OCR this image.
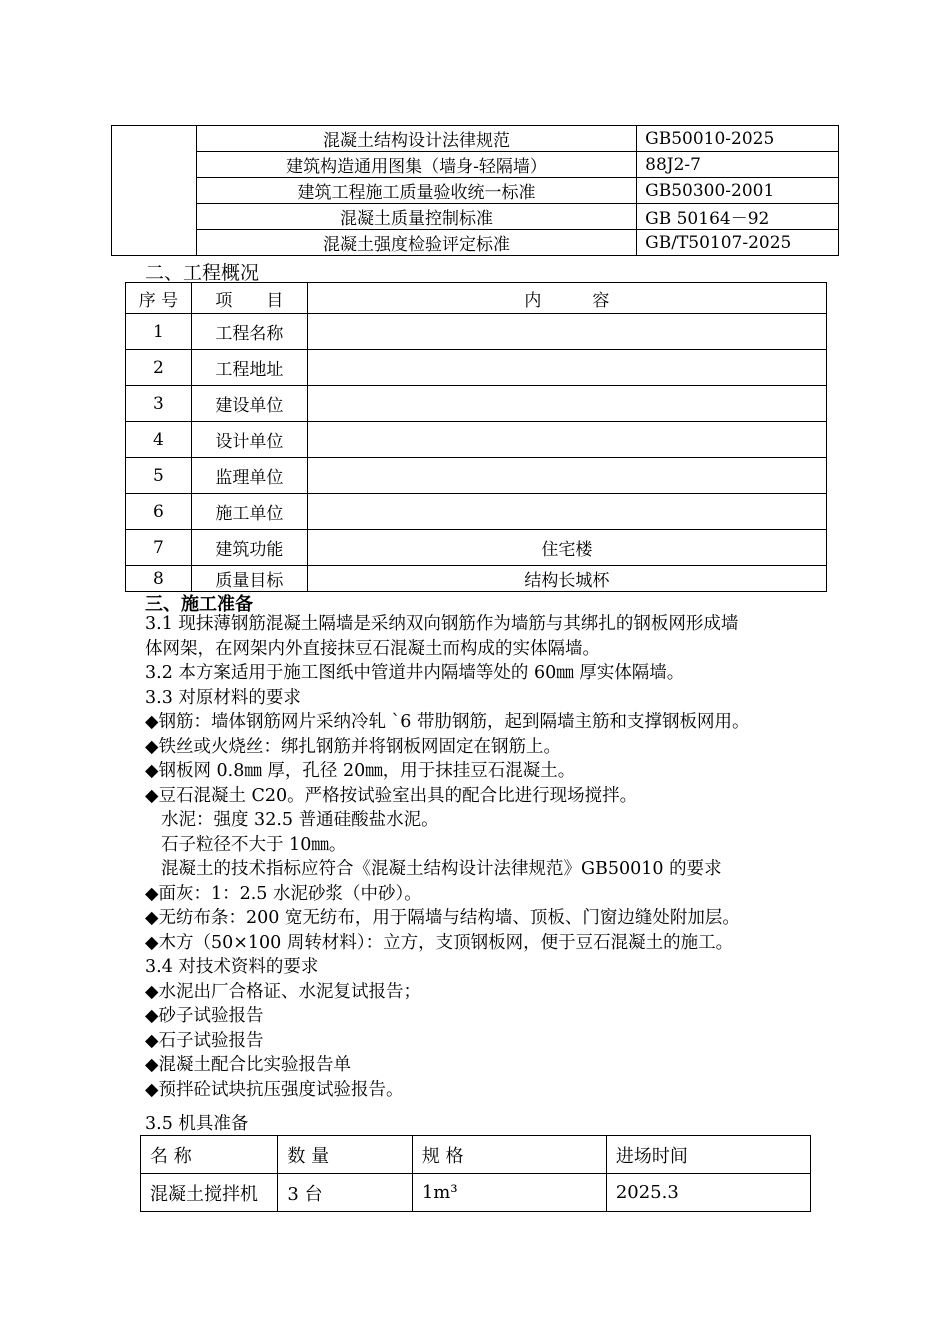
	混凝土结构设计法律规范	GB50010-2025
	建筑构造通用图集（墙身-轻隔墙）	88J2-7
	建筑工程施工质量验收统一标准	GB50300-2001
	混凝土质量控制标准	GB 50164－92
	混凝土强度检验评定标准	GB/T50107-2025
二、工程概况
序 号	项　　目	内　　　容
1	工程名称	
2	工程地址	
3	建设单位	
4	设计单位	
5	监理单位	
6	施工单位	
7	建筑功能	住宅楼
8	质量目标	结构长城杯
三、施工准备
3.1 现抹薄钢筋混凝土隔墙是采纳双向钢筋作为墙筋与其绑扎的钢板网形成墙
体网架，在网架内外直接抹豆石混凝土而构成的实体隔墙。
3.2 本方案适用于施工图纸中管道井内隔墙等处的 60㎜ 厚实体隔墙。
3.3 对原材料的要求
◆钢筋：墙体钢筋网片采纳冷轧 `6 带肋钢筋，起到隔墙主筋和支撑钢板网用。
◆铁丝或火烧丝：绑扎钢筋并将钢板网固定在钢筋上。
◆钢板网 0.8㎜ 厚，孔径 20㎜，用于抹挂豆石混凝土。
◆豆石混凝土 C20。严格按试验室出具的配合比进行现场搅拌。
水泥：强度 32.5 普通硅酸盐水泥。
石子粒径不大于 10㎜。
混凝土的技术指标应符合《混凝土结构设计法律规范》GB50010 的要求
◆面灰：1：2.5 水泥砂浆（中砂）。
◆无纺布条：200 宽无纺布，用于隔墙与结构墙、顶板、门窗边缝处附加层。
◆木方（50×100 周转材料）：立方，支顶钢板网，便于豆石混凝土的施工。
3.4 对技术资料的要求
◆水泥出厂合格证、水泥复试报告；
◆砂子试验报告
◆石子试验报告
◆混凝土配合比实验报告单
◆预拌砼试块抗压强度试验报告。
3.5 机具准备
名 称	数 量	规 格	进场时间
混凝土搅拌机	3 台	1m³	2025.3
